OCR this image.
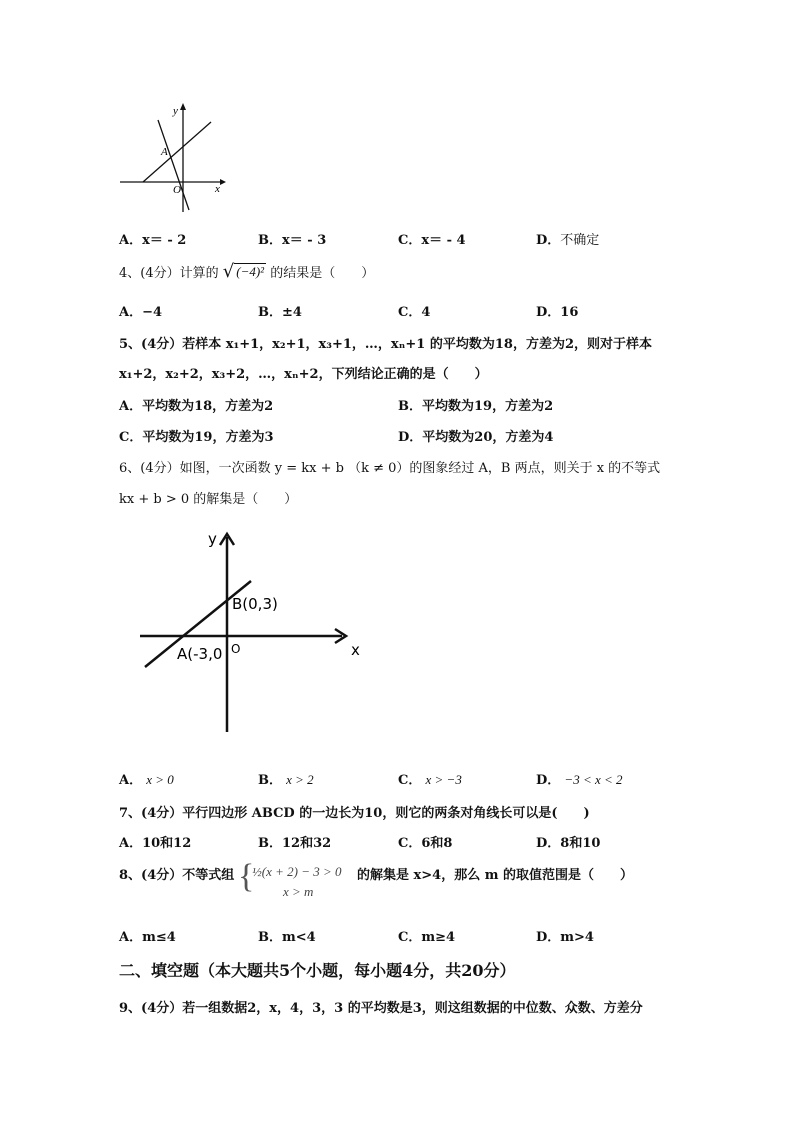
y
x
A
O
A．x＝ - 2	B．x＝ - 3	C．x＝ - 4	D．不确定
4、(4分）计算的 √ (−4)² 的结果是（　　）
A．−4	B．±4	C．4	D．16
5、(4分）若样本 x₁+1，x₂+1，x₃+1，…，xₙ+1 的平均数为18，方差为2，则对于样本
x₁+2，x₂+2，x₃+2，…，xₙ+2，下列结论正确的是（　　）
A．平均数为18，方差为2	B．平均数为19，方差为2
C．平均数为19，方差为3	D．平均数为20，方差为4
6、(4分）如图，一次函数 y = kx + b （k ≠ 0）的图象经过 A，B 两点，则关于 x 的不等式
kx + b > 0 的解集是（　　）
y
x
B(0,3)
A(-3,0 O
A． x > 0	B． x > 2	C． x > −3	D． −3 < x < 2
7、(4分）平行四边形 ABCD 的一边长为10，则它的两条对角线长可以是(　　)
A．10和12	B．12和32	C．6和8	D．8和10
8、(4分）不等式组 {
½(x + 2) − 3 > 0
x > m
的解集是 x>4，那么 m 的取值范围是（　　）
A．m≤4	B．m<4	C．m≥4	D．m>4
二、填空题（本大题共5个小题，每小题4分，共20分）
9、(4分）若一组数据2，x，4，3，3 的平均数是3，则这组数据的中位数、众数、方差分
